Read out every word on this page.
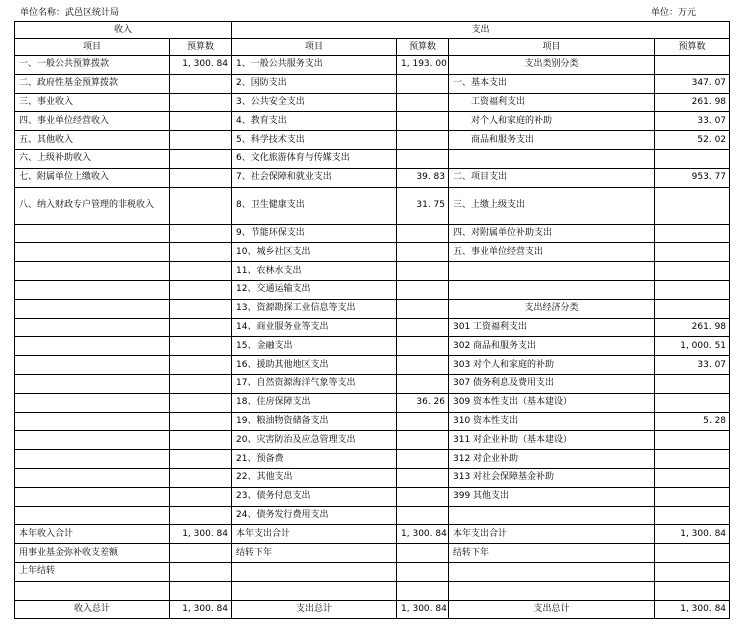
单位名称：武邑区统计局	单位：万元
收入		支出			
项目	预算数	项目	预算数	项目	预算数
一、一般公共预算拨款	1, 300. 84	1、一般公共服务支出	1, 193. 00	支出类别分类	
二、政府性基金预算拨款		2、国防支出		一、基本支出	347. 07
三、事业收入		3、公共安全支出		工资福利支出	261. 98
四、事业单位经营收入		4、教育支出		对个人和家庭的补助	33. 07
五、其他收入		5、科学技术支出		商品和服务支出	52. 02
六、上级补助收入		6、文化旅游体育与传媒支出			
七、附属单位上缴收入		7、社会保障和就业支出	39. 83	二、项目支出	953. 77
八、纳入财政专户管理的非税收入		8、卫生健康支出	31. 75	三、上缴上级支出	
		9、节能环保支出		四、对附属单位补助支出	
		10、城乡社区支出		五、事业单位经营支出	
		11、农林水支出			
		12、交通运输支出			
		13、资源勘探工业信息等支出		支出经济分类	
		14、商业服务业等支出		301 工资福利支出	261. 98
		15、金融支出		302 商品和服务支出	1, 000. 51
		16、援助其他地区支出		303 对个人和家庭的补助	33. 07
		17、自然资源海洋气象等支出		307 债务利息及费用支出	
		18、住房保障支出	36. 26	309 资本性支出（基本建设）	
		19、粮油物资储备支出		310 资本性支出	5. 28
		20、灾害防治及应急管理支出		311 对企业补助（基本建设）	
		21、预备费		312 对企业补助	
		22、其他支出		313 对社会保障基金补助	
		23、债务付息支出		399 其他支出	
		24、债务发行费用支出			
本年收入合计	1, 300. 84	本年支出合计	1, 300. 84	本年支出合计	1, 300. 84
用事业基金弥补收支差额		结转下年		结转下年	
上年结转					

收入总计	1, 300. 84	支出总计	1, 300. 84	支出总计	1, 300. 84
